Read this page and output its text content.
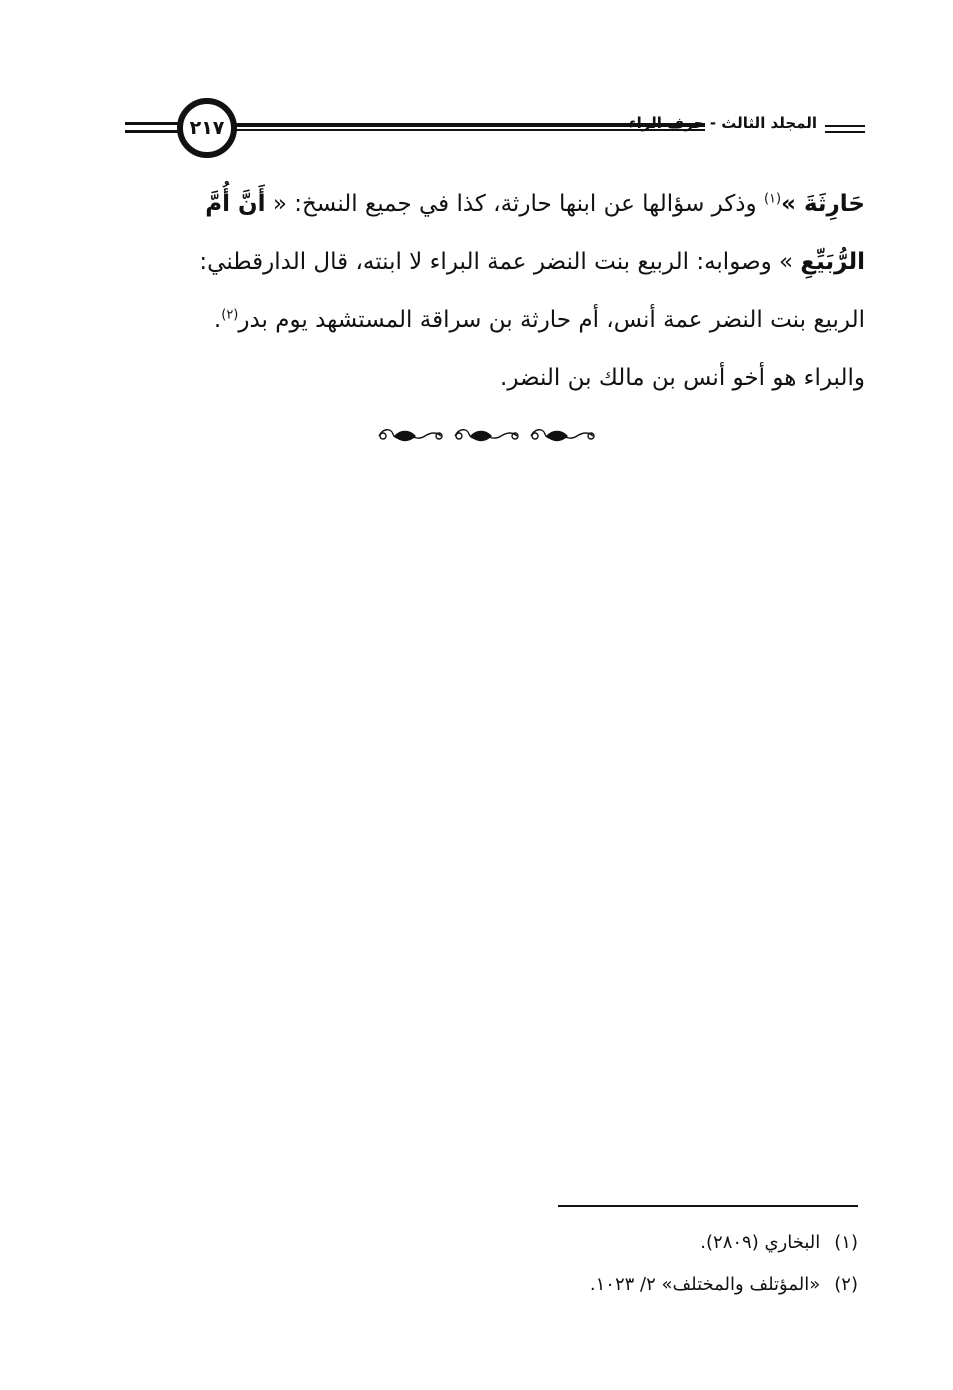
٢١٧	المجلد الثالث - حرف الراء
حَارِثَةَ »$^{(١)}$ وذكر سؤالها عن ابنها حارثة، كذا في جميع النسخ: « أَنَّ أُمَّ
الرُّبَيِّعِ » وصوابه: الربيع بنت النضر عمة البراء لا ابنته، قال الدارقطني:
الربيع بنت النضر عمة أنس، أم حارثة بن سراقة المستشهد يوم بدر$^{(٢)}$.
والبراء هو أخو أنس بن مالك بن النضر.
(١)البخاري (٢٨٠٩).
(٢)«المؤتلف والمختلف» ٢/ ١٠٢٣.
